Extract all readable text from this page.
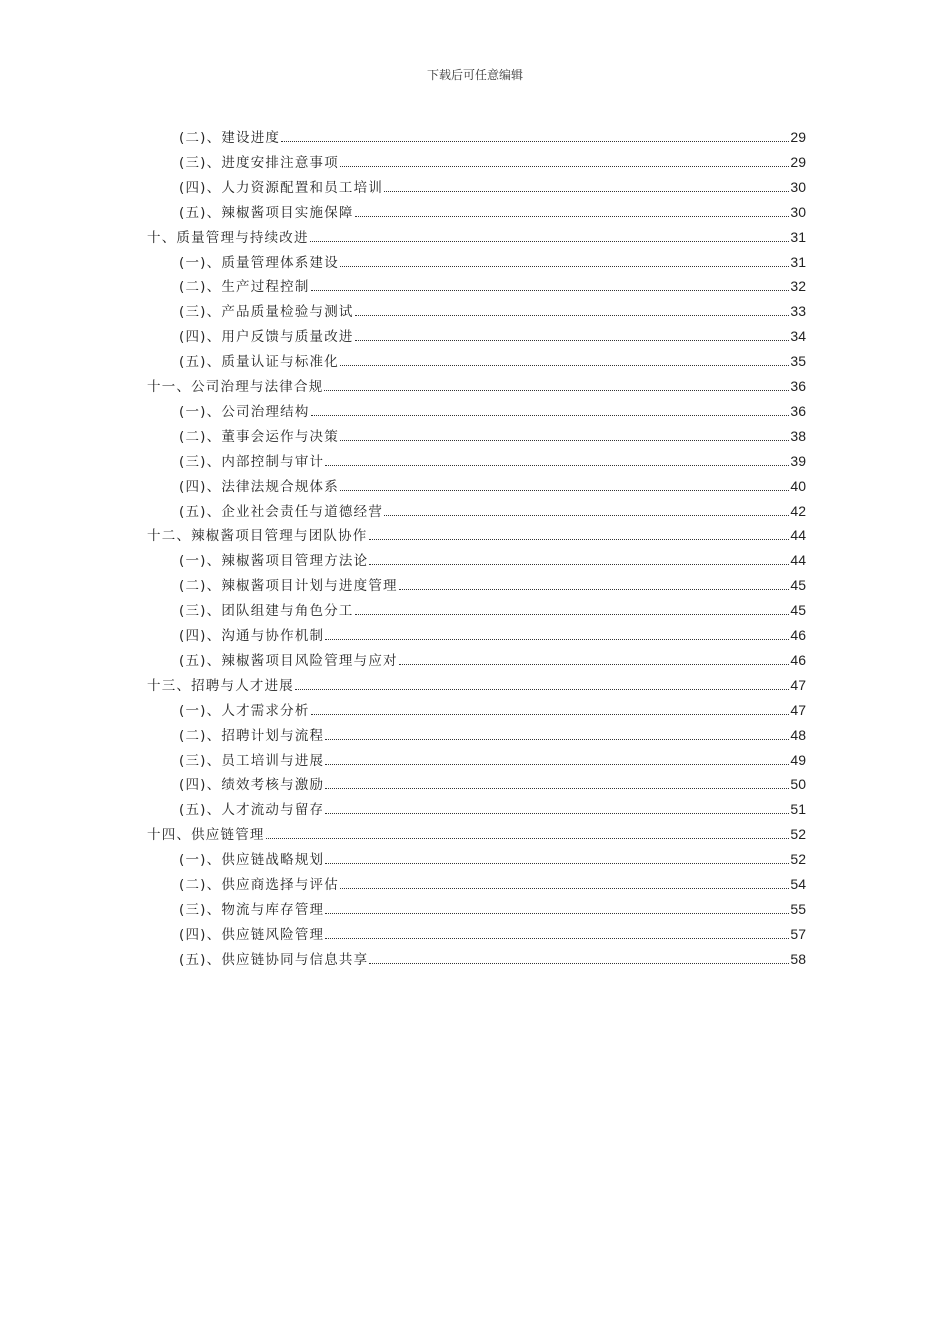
下载后可任意编辑
(二)、建设进度	29
(三)、进度安排注意事项	29
(四)、人力资源配置和员工培训	30
(五)、辣椒酱项目实施保障	30
十、质量管理与持续改进	31
(一)、质量管理体系建设	31
(二)、生产过程控制	32
(三)、产品质量检验与测试	33
(四)、用户反馈与质量改进	34
(五)、质量认证与标准化	35
十一、公司治理与法律合规	36
(一)、公司治理结构	36
(二)、董事会运作与决策	38
(三)、内部控制与审计	39
(四)、法律法规合规体系	40
(五)、企业社会责任与道德经营	42
十二、辣椒酱项目管理与团队协作	44
(一)、辣椒酱项目管理方法论	44
(二)、辣椒酱项目计划与进度管理	45
(三)、团队组建与角色分工	45
(四)、沟通与协作机制	46
(五)、辣椒酱项目风险管理与应对	46
十三、招聘与人才进展	47
(一)、人才需求分析	47
(二)、招聘计划与流程	48
(三)、员工培训与进展	49
(四)、绩效考核与激励	50
(五)、人才流动与留存	51
十四、供应链管理	52
(一)、供应链战略规划	52
(二)、供应商选择与评估	54
(三)、物流与库存管理	55
(四)、供应链风险管理	57
(五)、供应链协同与信息共享	58
